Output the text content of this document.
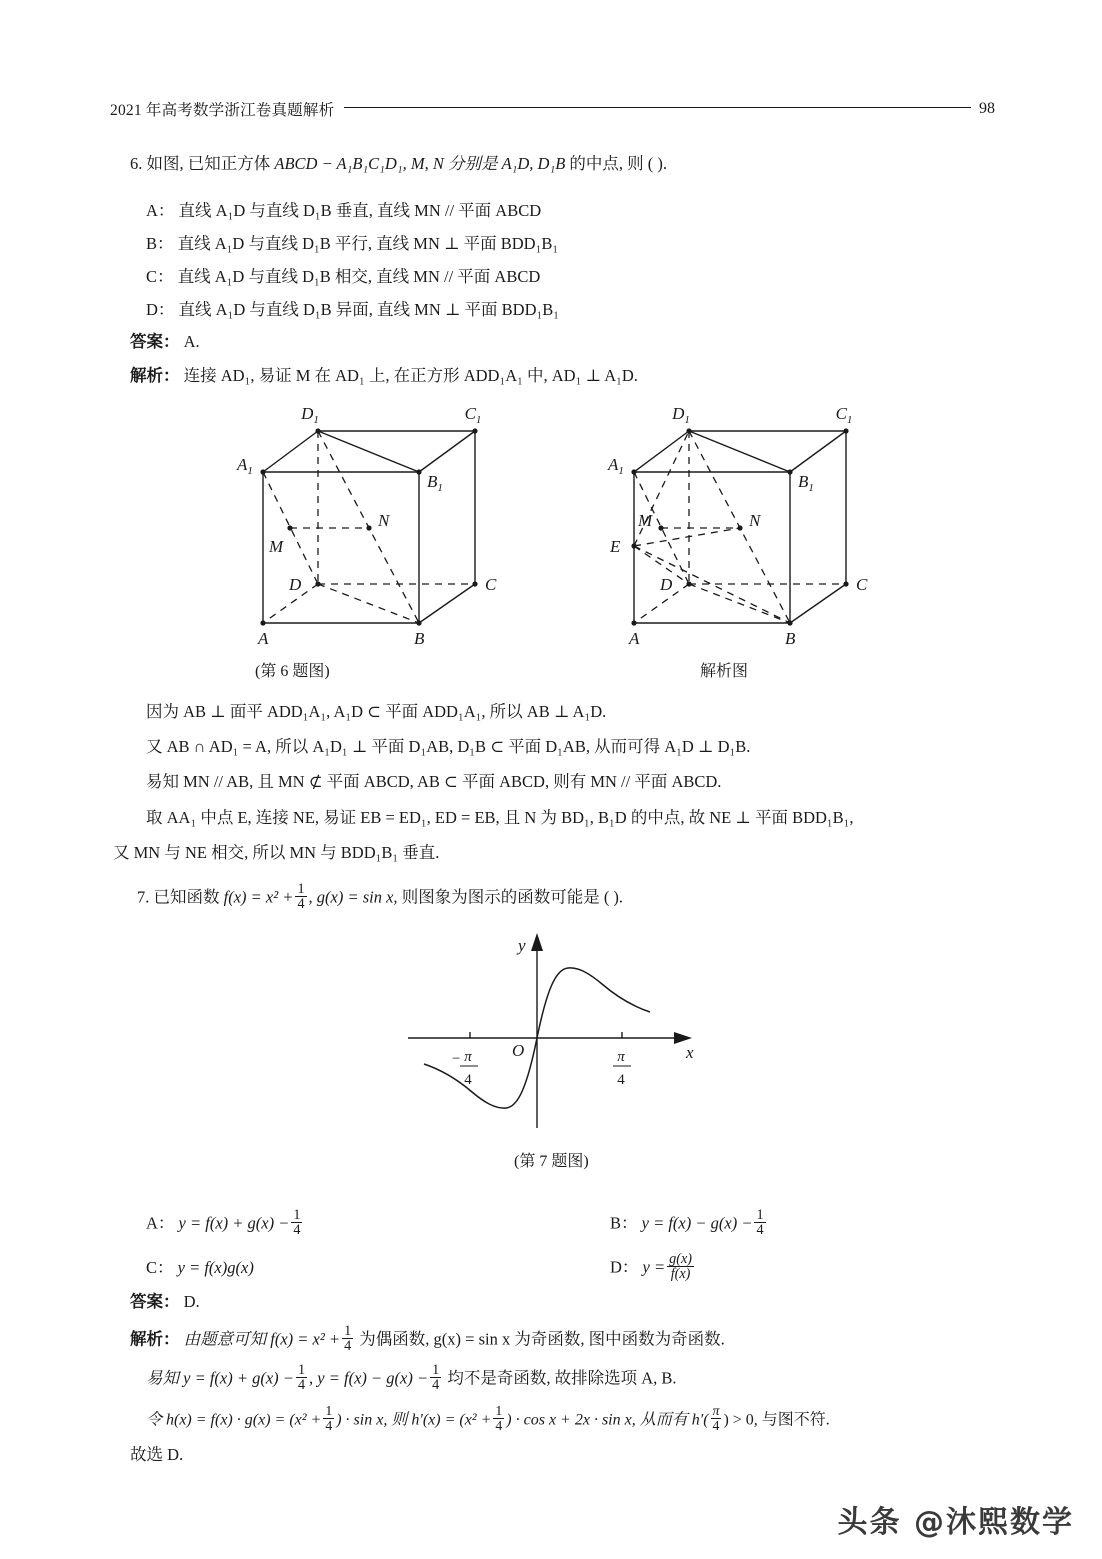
2021 年高考数学浙江卷真题解析	98
6. 如图, 已知正方体 ABCD − A₁B₁C₁D₁, M, N 分别是 A₁D, D₁B 的中点, 则 ( ).
A： 直线 A₁D 与直线 D₁B 垂直, 直线 MN // 平面 ABCD
B： 直线 A₁D 与直线 D₁B 平行, 直线 MN ⊥ 平面 BDD₁B₁
C： 直线 A₁D 与直线 D₁B 相交, 直线 MN // 平面 ABCD
D： 直线 A₁D 与直线 D₁B 异面, 直线 MN ⊥ 平面 BDD₁B₁
答案： A.
解析： 连接 AD₁, 易证 M 在 AD₁ 上, 在正方形 ADD₁A₁ 中, AD₁ ⊥ A₁D.
$D_1$	$C_1$
$A_1$
$B_1$
M
N
D	C
A	B
(第 6 题图)
$D_1$	$C_1$
$A_1$
$B_1$
M	N
E
D	C
A	B
解析图
因为 AB ⊥ 面平 ADD₁A₁, A₁D ⊂ 平面 ADD₁A₁, 所以 AB ⊥ A₁D.
又 AB ∩ AD₁ = A, 所以 A₁D₁ ⊥ 平面 D₁AB, D₁B ⊂ 平面 D₁AB, 从而可得 A₁D ⊥ D₁B.
易知 MN // AB, 且 MN ⊄ 平面 ABCD, AB ⊂ 平面 ABCD, 则有 MN // 平面 ABCD.
取 AA₁ 中点 E, 连接 NE, 易证 EB = ED₁, ED = EB, 且 N 为 BD₁, B₁D 的中点, 故 NE ⊥ 平面 BDD₁B₁,
又 MN 与 NE 相交, 所以 MN 与 BDD₁B₁ 垂直.
7. 已知函数 $f(x) = x^2 + \frac{1}{4}$ , g(x) = sin x, 则图象为图示的函数可能是 ( ).
y
x
O
− π
4
π
4
(第 7 题图)
A： $y = f(x) + g(x) - \frac{1}{4}$	B： $y = f(x) - g(x) - \frac{1}{4}$
C： y = f(x)g(x)	D： $y = \frac{g(x)}{f(x)}$
答案： D.
解析： 由题意可知 $f(x) = x^2 + \frac{1}{4}$ 为偶函数, g(x) = sin x 为奇函数, 图中函数为奇函数.
易知 $y = f(x) + g(x) - \frac{1}{4}$ , $y = f(x) - g(x) - \frac{1}{4}$ 均不是奇函数, 故排除选项 A, B.
令 $h(x) = f(x) \cdot g(x) = (x^2 + \frac{1}{4}$ ) · sin x, 则 $h'(x) = (x^2 + \frac{1}{4}$ ) · cos x + 2x · sin x, 从而有 $h'( \frac{\pi}{4}$ ) > 0, 与图不符.
故选 D.
头条 @沐熙数学
